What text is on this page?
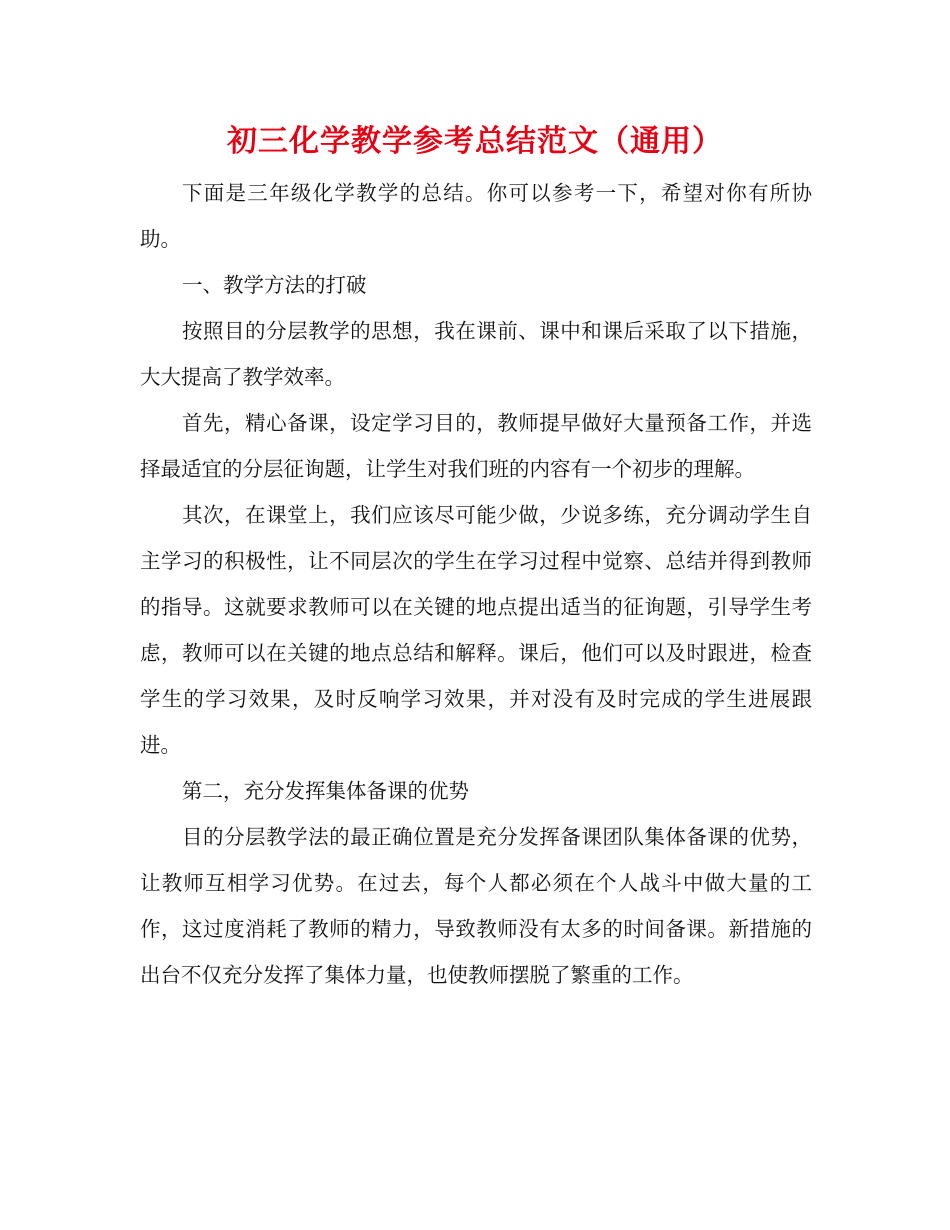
初三化学教学参考总结范文（通用）

下面是三年级化学教学的总结。你可以参考一下，希望对你有所协助。

一、教学方法的打破

按照目的分层教学的思想，我在课前、课中和课后采取了以下措施，大大提高了教学效率。

首先，精心备课，设定学习目的，教师提早做好大量预备工作，并选择最适宜的分层征询题，让学生对我们班的内容有一个初步的理解。

其次，在课堂上，我们应该尽可能少做，少说多练，充分调动学生自主学习的积极性，让不同层次的学生在学习过程中觉察、总结并得到教师的指导。这就要求教师可以在关键的地点提出适当的征询题，引导学生考虑，教师可以在关键的地点总结和解释。课后，他们可以及时跟进，检查学生的学习效果，及时反响学习效果，并对没有及时完成的学生进展跟进。

第二，充分发挥集体备课的优势

目的分层教学法的最正确位置是充分发挥备课团队集体备课的优势，让教师互相学习优势。在过去，每个人都必须在个人战斗中做大量的工作，这过度消耗了教师的精力，导致教师没有太多的时间备课。新措施的出台不仅充分发挥了集体力量，也使教师摆脱了繁重的工作。
